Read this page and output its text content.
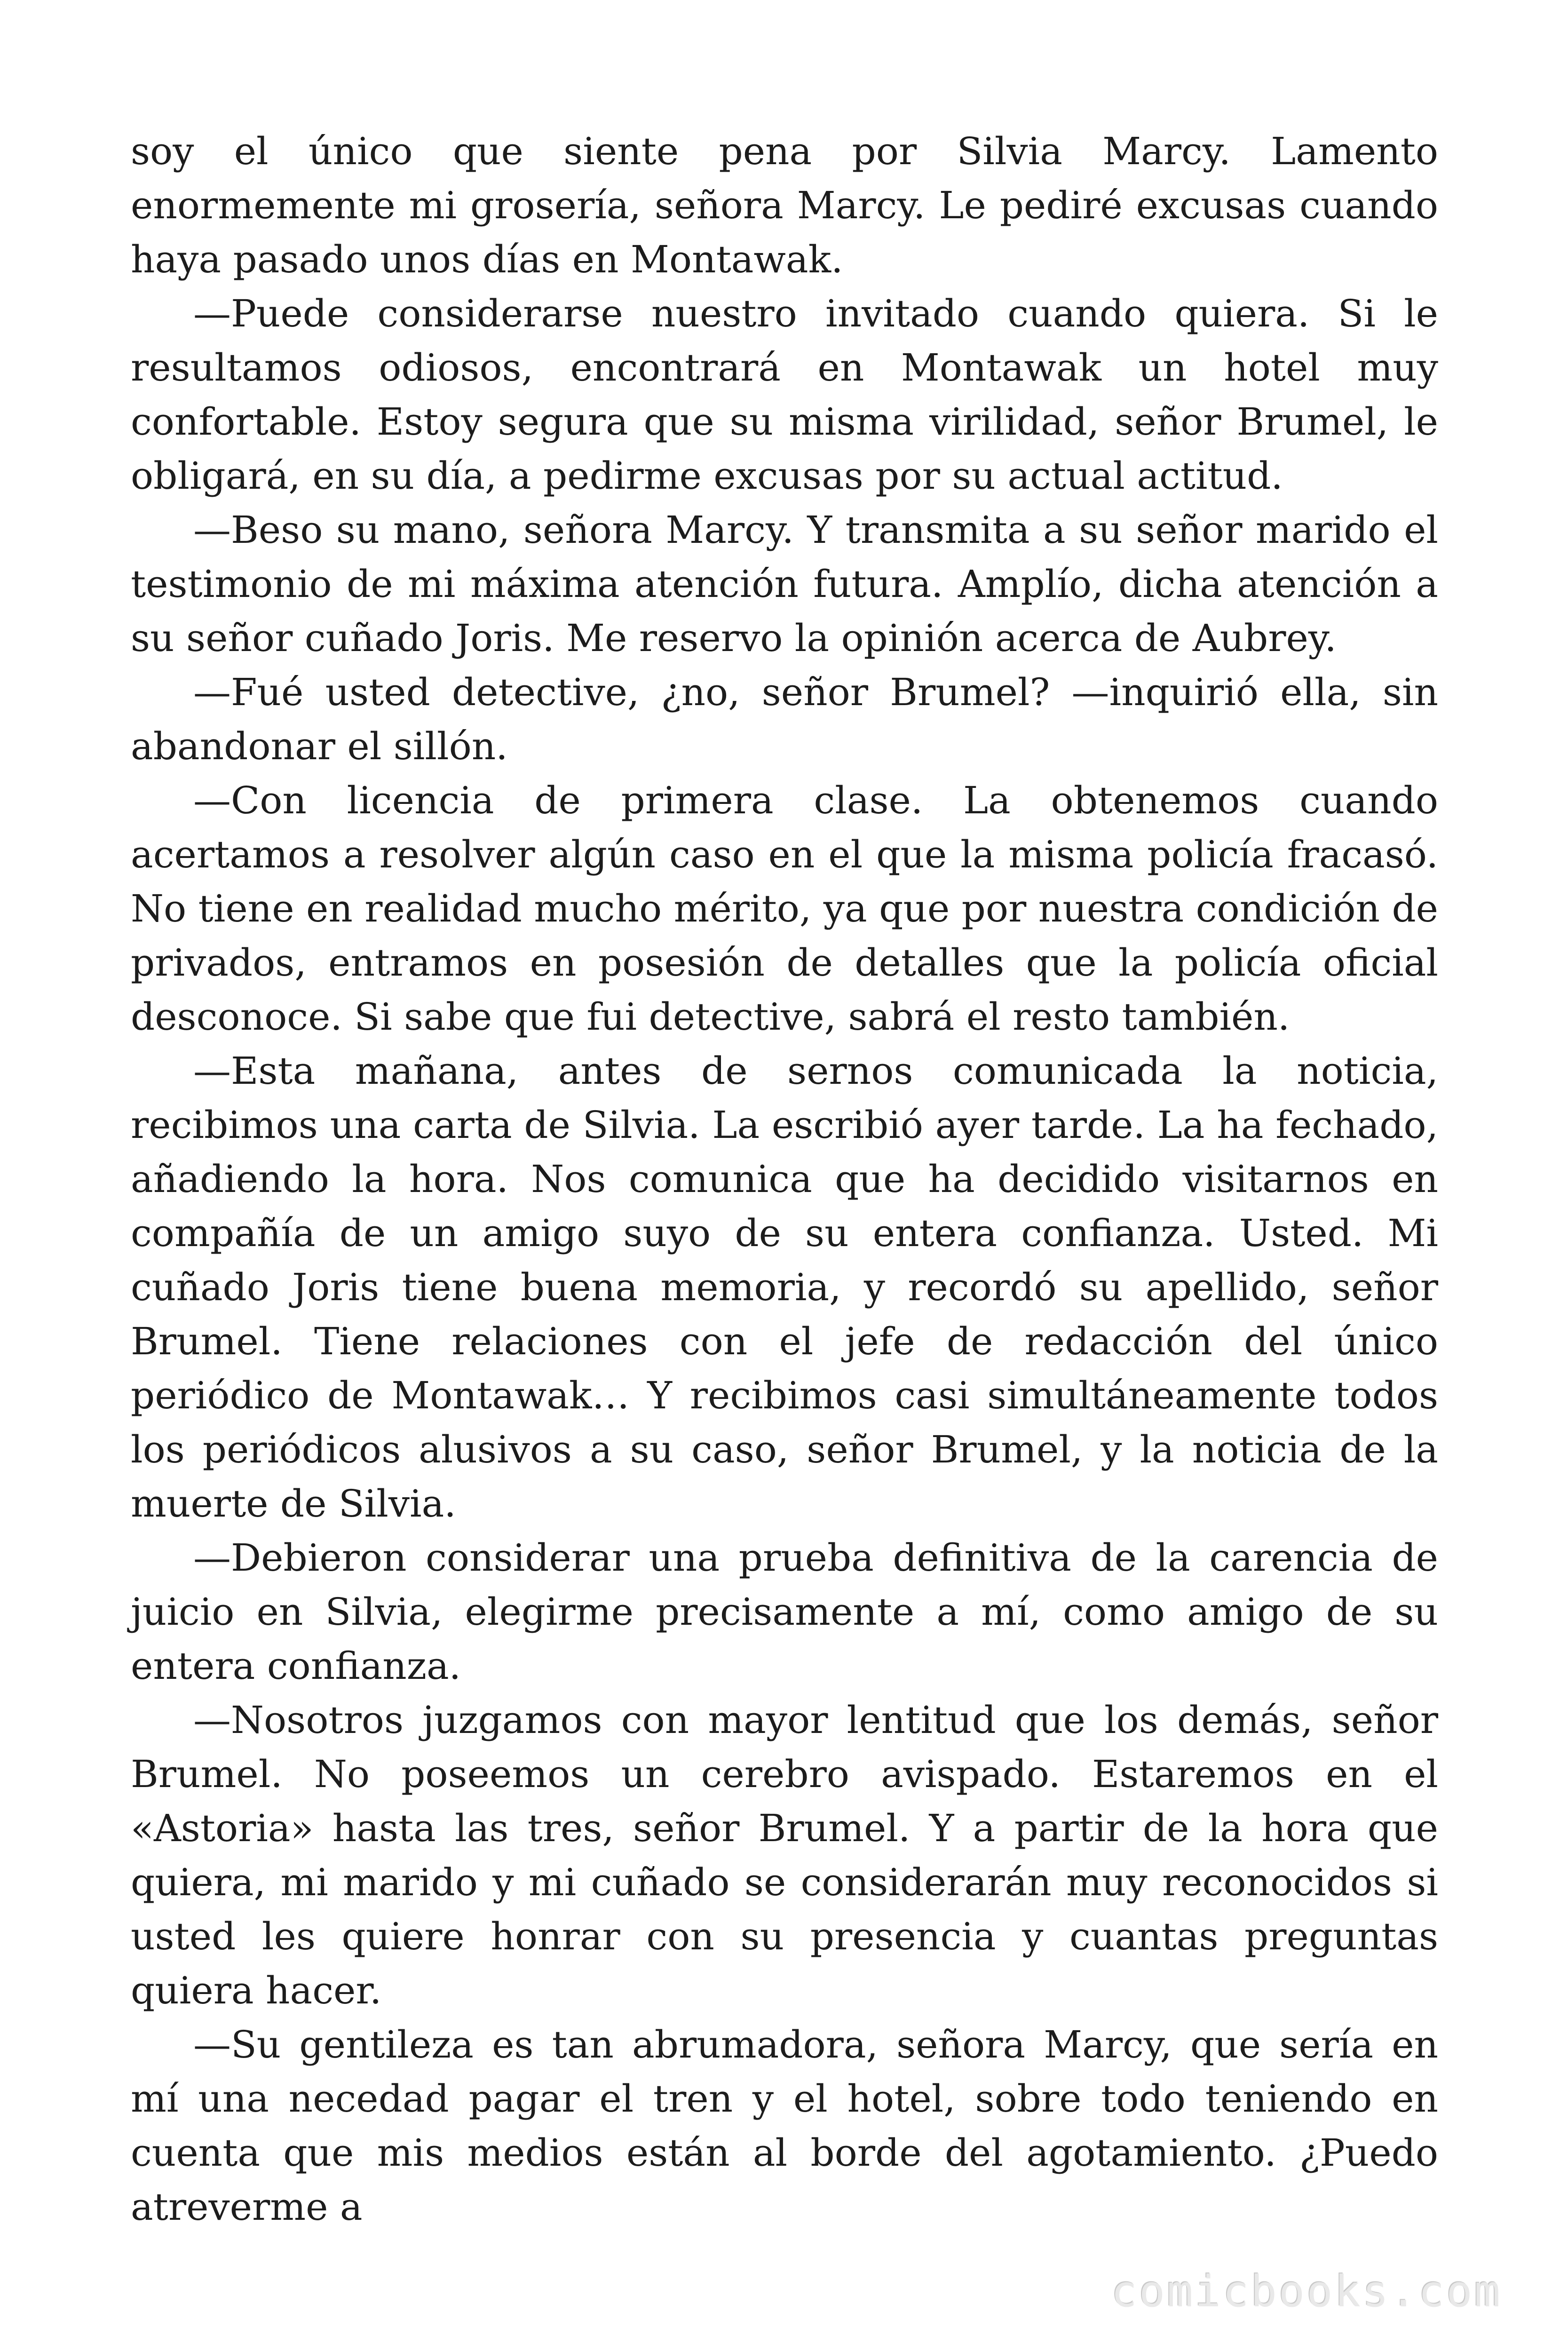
soy el único que siente pena por Silvia Marcy. Lamento enormemente mi grosería, señora Marcy. Le pediré excusas cuando haya pasado unos días en Montawak.

—Puede considerarse nuestro invitado cuando quiera. Si le resultamos odiosos, encontrará en Montawak un hotel muy confortable. Estoy segura que su misma virilidad, señor Brumel, le obligará, en su día, a pedirme excusas por su actual actitud.

—Beso su mano, señora Marcy. Y transmita a su señor marido el testimonio de mi máxima atención futura. Amplío, dicha atención a su señor cuñado Joris. Me reservo la opinión acerca de Aubrey.

—Fué usted detective, ¿no, señor Brumel? —inquirió ella, sin abandonar el sillón.

—Con licencia de primera clase. La obtenemos cuando acertamos a resolver algún caso en el que la misma policía fracasó. No tiene en realidad mucho mérito, ya que por nuestra condición de privados, entramos en posesión de detalles que la policía oficial desconoce. Si sabe que fui detective, sabrá el resto también.

—Esta mañana, antes de sernos comunicada la noticia, recibimos una carta de Silvia. La escribió ayer tarde. La ha fechado, añadiendo la hora. Nos comunica que ha decidido visitarnos en compañía de un amigo suyo de su entera confianza. Usted. Mi cuñado Joris tiene buena memoria, y recordó su apellido, señor Brumel. Tiene relaciones con el jefe de redacción del único periódico de Montawak… Y recibimos casi simultáneamente todos los periódicos alusivos a su caso, señor Brumel, y la noticia de la muerte de Silvia.

—Debieron considerar una prueba definitiva de la carencia de juicio en Silvia, elegirme precisamente a mí, como amigo de su entera confianza.

—Nosotros juzgamos con mayor lentitud que los demás, señor Brumel. No poseemos un cerebro avispado. Estaremos en el «Astoria» hasta las tres, señor Brumel. Y a partir de la hora que quiera, mi marido y mi cuñado se considerarán muy reconocidos si usted les quiere honrar con su presencia y cuantas preguntas quiera hacer.

—Su gentileza es tan abrumadora, señora Marcy, que sería en mí una necedad pagar el tren y el hotel, sobre todo teniendo en cuenta que mis medios están al borde del agotamiento. ¿Puedo atreverme a

comicbooks.com
